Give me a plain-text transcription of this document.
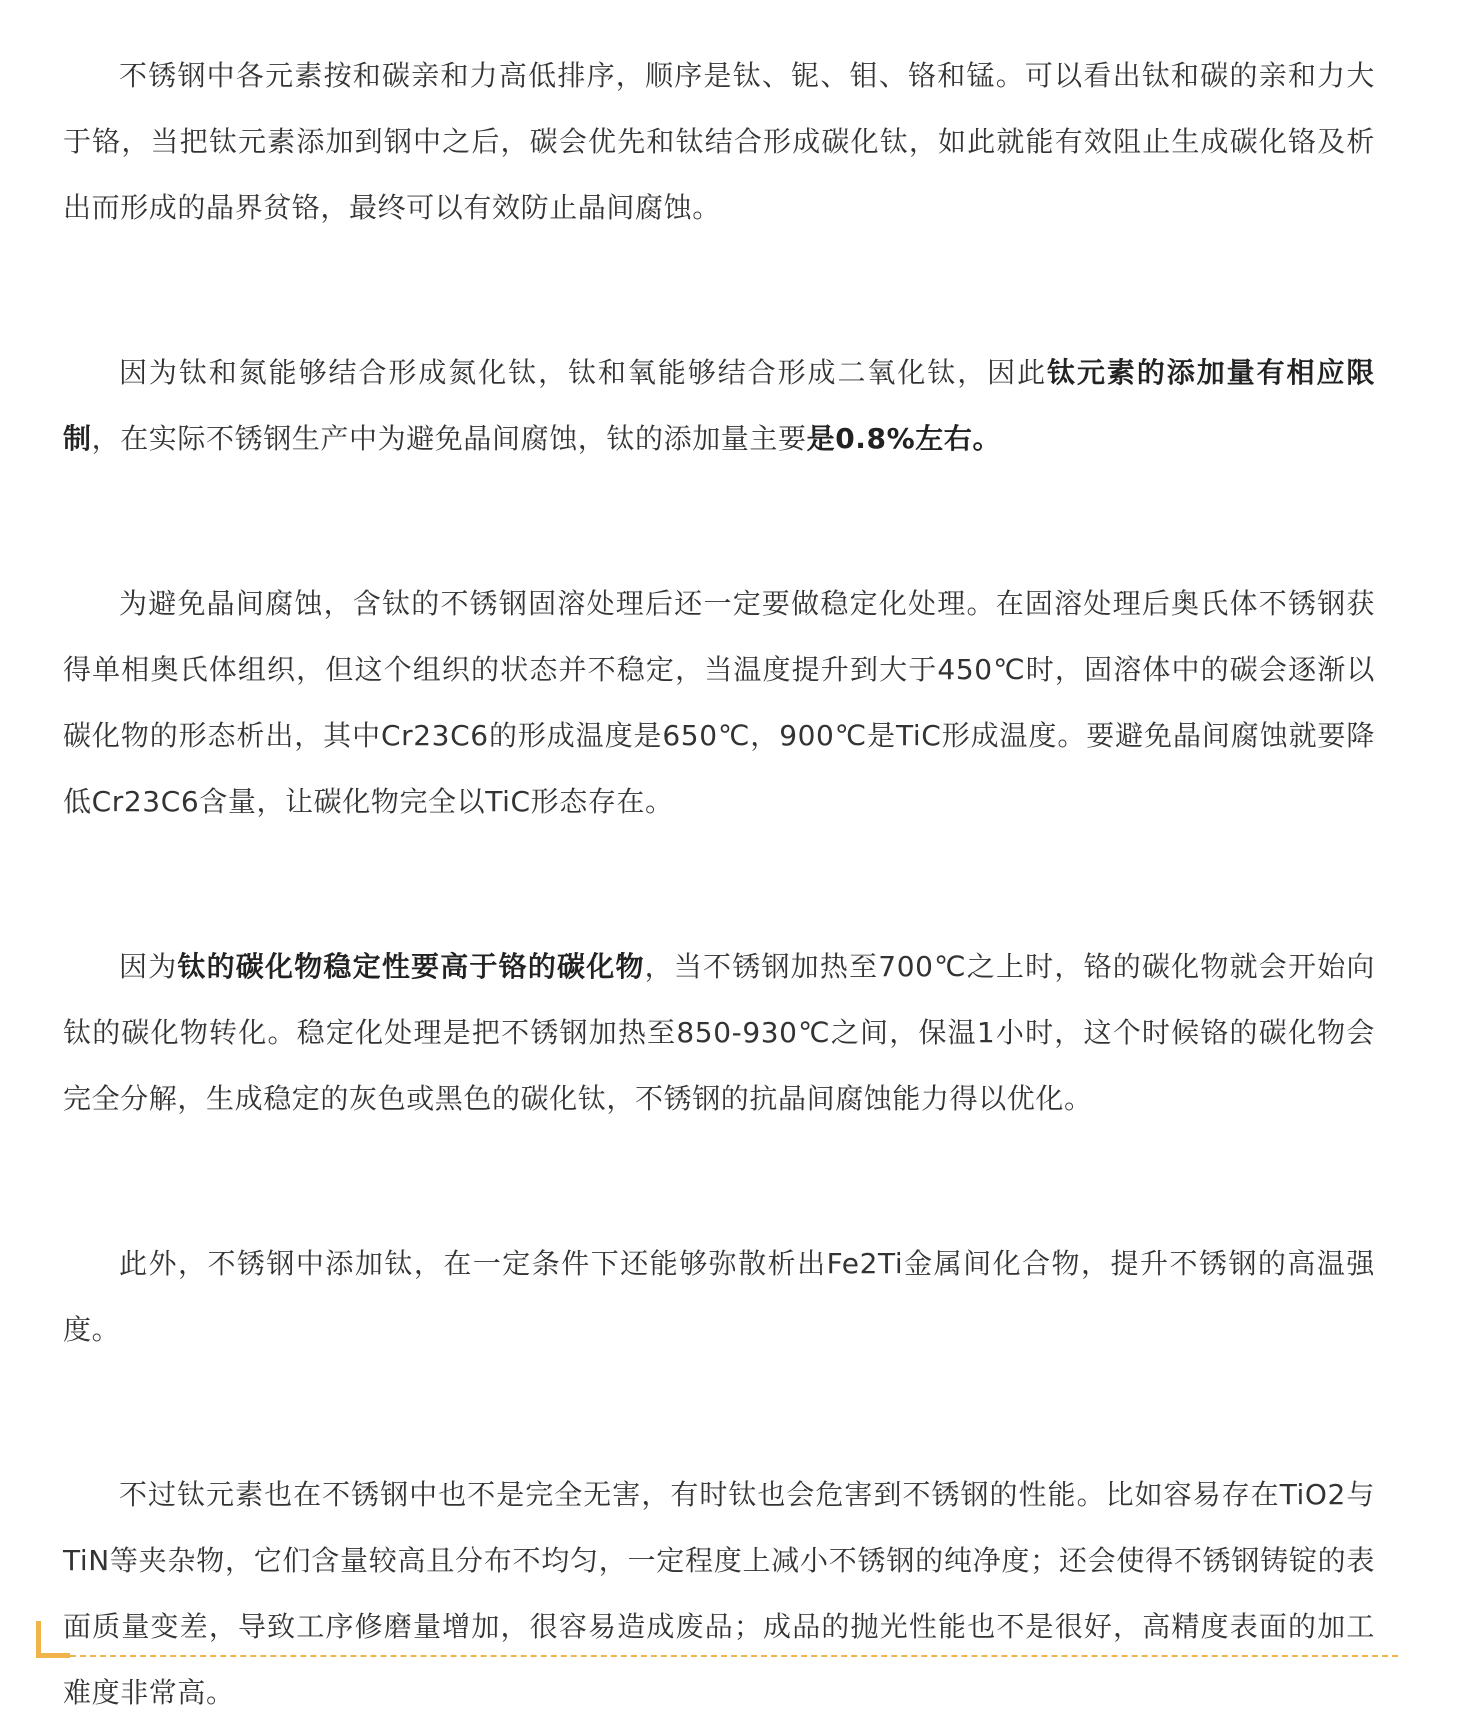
不锈钢中各元素按和碳亲和力高低排序，顺序是钛、铌、钼、铬和锰。可以看出钛和碳的亲和力大于铬，当把钛元素添加到钢中之后，碳会优先和钛结合形成碳化钛，如此就能有效阻止生成碳化铬及析出而形成的晶界贫铬，最终可以有效防止晶间腐蚀。

因为钛和氮能够结合形成氮化钛，钛和氧能够结合形成二氧化钛，因此钛元素的添加量有相应限制，在实际不锈钢生产中为避免晶间腐蚀，钛的添加量主要是0.8%左右。

为避免晶间腐蚀，含钛的不锈钢固溶处理后还一定要做稳定化处理。在固溶处理后奥氏体不锈钢获得单相奥氏体组织，但这个组织的状态并不稳定，当温度提升到大于450℃时，固溶体中的碳会逐渐以碳化物的形态析出，其中Cr23C6的形成温度是650℃，900℃是TiC形成温度。要避免晶间腐蚀就要降低Cr23C6含量，让碳化物完全以TiC形态存在。

因为钛的碳化物稳定性要高于铬的碳化物，当不锈钢加热至700℃之上时，铬的碳化物就会开始向钛的碳化物转化。稳定化处理是把不锈钢加热至850-930℃之间，保温1小时，这个时候铬的碳化物会完全分解，生成稳定的灰色或黑色的碳化钛，不锈钢的抗晶间腐蚀能力得以优化。

此外，不锈钢中添加钛，在一定条件下还能够弥散析出Fe2Ti金属间化合物，提升不锈钢的高温强度。

不过钛元素也在不锈钢中也不是完全无害，有时钛也会危害到不锈钢的性能。比如容易存在TiO2与TiN等夹杂物，它们含量较高且分布不均匀，一定程度上减小不锈钢的纯净度；还会使得不锈钢铸锭的表面质量变差，导致工序修磨量增加，很容易造成废品；成品的抛光性能也不是很好，高精度表面的加工难度非常高。
